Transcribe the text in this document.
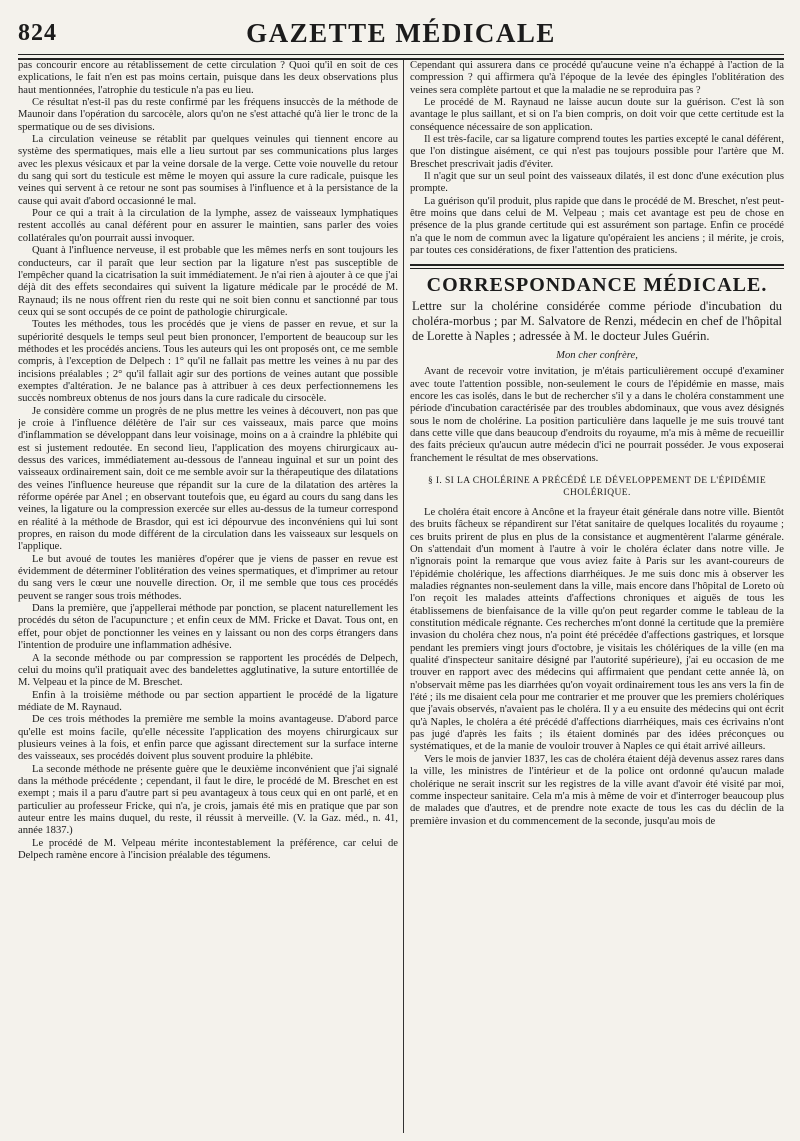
824	GAZETTE MÉDICALE

pas concourir encore au rétablissement de cette circulation ? Quoi qu'il en soit de ces explications, le fait n'en est pas moins certain, puisque dans les deux observations plus haut mentionnées, l'atrophie du testicule n'a pas eu lieu.

Ce résultat n'est-il pas du reste confirmé par les fréquens insuccès de la méthode de Maunoir dans l'opération du sarcocèle, alors qu'on ne s'est attaché qu'à lier le tronc de la spermatique ou de ses divisions.

La circulation veineuse se rétablit par quelques veinules qui tiennent encore au système des spermatiques, mais elle a lieu surtout par ses communications plus larges avec les plexus vésicaux et par la veine dorsale de la verge. Cette voie nouvelle du retour du sang qui sort du testicule est même le moyen qui assure la cure radicale, puisque les veines qui servent à ce retour ne sont pas soumises à l'influence et à la persistance de la cause qui avait d'abord occasionné le mal.

Pour ce qui a trait à la circulation de la lymphe, assez de vaisseaux lymphatiques restent accollés au canal déférent pour en assurer le maintien, sans parler des voies collatérales qu'on pourrait aussi invoquer.

Quant à l'influence nerveuse, il est probable que les mêmes nerfs en sont toujours les conducteurs, car il paraît que leur section par la ligature n'est pas susceptible de l'empêcher quand la cicatrisation la suit immédiatement. Je n'ai rien à ajouter à ce que j'ai déjà dit des effets secondaires qui suivent la ligature médicale par le procédé de M. Raynaud; ils ne nous offrent rien du reste qui ne soit bien connu et sanctionné par tous ceux qui se sont occupés de ce point de pathologie chirurgicale.

Toutes les méthodes, tous les procédés que je viens de passer en revue, et sur la supériorité desquels le temps seul peut bien prononcer, l'emportent de beaucoup sur les méthodes et les procédés anciens. Tous les auteurs qui les ont proposés ont, ce me semble compris, à l'exception de Delpech : 1° qu'il ne fallait pas mettre les veines à nu par des incisions préalables ; 2° qu'il fallait agir sur des portions de veines autant que possible exemptes d'altération. Je ne balance pas à attribuer à ces deux perfectionnemens les succès nombreux obtenus de nos jours dans la cure radicale du cirsocèle.

Je considère comme un progrès de ne plus mettre les veines à découvert, non pas que je croie à l'influence délétère de l'air sur ces vaisseaux, mais parce que moins d'inflammation se développant dans leur voisinage, moins on a à craindre la phlébite qui est si justement redoutée. En second lieu, l'application des moyens chirurgicaux au-dessus des varices, immédiatement au-dessous de l'anneau inguinal et sur un point des vaisseaux ordinairement sain, doit ce me semble avoir sur la thérapeutique des dilatations des veines l'influence heureuse que répandit sur la cure de la dilatation des artères la réforme opérée par Anel ; en observant toutefois que, eu égard au cours du sang dans les veines, la ligature ou la compression exercée sur elles au-dessus de la tumeur correspond en réalité à la méthode de Brasdor, qui est ici dépourvue des inconvéniens qui lui sont propres, en raison du mode différent de la circulation dans les vaisseaux sur lesquels on l'applique.

Le but avoué de toutes les manières d'opérer que je viens de passer en revue est évidemment de déterminer l'oblitération des veines spermatiques, et d'imprimer au retour du sang vers le cœur une nouvelle direction. Or, il me semble que tous ces procédés peuvent se ranger sous trois méthodes.

Dans la première, que j'appellerai méthode par ponction, se placent naturellement les procédés du séton de l'acupuncture ; et enfin ceux de MM. Fricke et Davat. Tous ont, en effet, pour objet de ponctionner les veines en y laissant ou non des corps étrangers dans l'intention de produire une inflammation adhésive.

A la seconde méthode ou par compression se rapportent les procédés de Delpech, celui du moins qu'il pratiquait avec des bandelettes agglutinative, la suture entortillée de M. Velpeau et la pince de M. Breschet.

Enfin à la troisième méthode ou par section appartient le procédé de la ligature médiate de M. Raynaud.

De ces trois méthodes la première me semble la moins avantageuse. D'abord parce qu'elle est moins facile, qu'elle nécessite l'application des moyens chirurgicaux sur plusieurs veines à la fois, et enfin parce que agissant directement sur la surface interne des vaisseaux, ses procédés doivent plus souvent produire la phlébite.

La seconde méthode ne présente guère que le deuxième inconvénient que j'ai signalé dans la méthode précédente ; cependant, il faut le dire, le procédé de M. Breschet en est exempt ; mais il a paru d'autre part si peu avantageux à tous ceux qui en ont parlé, et en particulier au professeur Fricke, qui n'a, je crois, jamais été mis en pratique que par son auteur entre les mains duquel, du reste, il réussit à merveille. (V. la Gaz. méd., n. 41, année 1837.)

Le procédé de M. Velpeau mérite incontestablement la préférence, car celui de Delpech ramène encore à l'incision préalable des tégumens.

Cependant qui assurera dans ce procédé qu'aucune veine n'a échappé à l'action de la compression ? qui affirmera qu'à l'époque de la levée des épingles l'oblitération des veines sera complète partout et que la maladie ne se reproduira pas ?

Le procédé de M. Raynaud ne laisse aucun doute sur la guérison. C'est là son avantage le plus saillant, et si on l'a bien compris, on doit voir que cette certitude est la conséquence nécessaire de son application.

Il est très-facile, car sa ligature comprend toutes les parties excepté le canal déférent, que l'on distingue aisément, ce qui n'est pas toujours possible pour l'artère que M. Breschet prescrivait jadis d'éviter.

Il n'agit que sur un seul point des vaisseaux dilatés, il est donc d'une exécution plus prompte.

La guérison qu'il produit, plus rapide que dans le procédé de M. Breschet, n'est peut-être moins que dans celui de M. Velpeau ; mais cet avantage est peu de chose en présence de la plus grande certitude qui est assurément son partage. Enfin ce procédé n'a que le nom de commun avec la ligature qu'opéraient les anciens ; il mérite, je crois, par toutes ces considérations, de fixer l'attention des praticiens.

CORRESPONDANCE MÉDICALE.

Lettre sur la cholérine considérée comme période d'incubation du choléra-morbus ; par M. Salvatore de Renzi, médecin en chef de l'hôpital de Lorette à Naples ; adressée à M. le docteur Jules Guérin.

Mon cher confrère,

Avant de recevoir votre invitation, je m'étais particulièrement occupé d'examiner avec toute l'attention possible, non-seulement le cours de l'épidémie en masse, mais encore les cas isolés, dans le but de rechercher s'il y a dans le choléra constamment une période d'incubation caractérisée par des troubles abdominaux, que vous avez désignés sous le nom de cholérine. La position particulière dans laquelle je me suis trouvé tant dans cette ville que dans beaucoup d'endroits du royaume, m'a mis à même de recueillir des faits précieux qu'aucun autre médecin d'ici ne pourrait posséder. Je vous exposerai franchement le résultat de mes observations.

§ I. SI LA CHOLÉRINE A PRÉCÉDÉ LE DÉVELOPPEMENT DE L'ÉPIDÉMIE CHOLÉRIQUE.

Le choléra était encore à Ancône et la frayeur était générale dans notre ville. Bientôt des bruits fâcheux se répandirent sur l'état sanitaire de quelques localités du royaume ; ces bruits prirent de plus en plus de la consistance et augmentèrent l'alarme générale. On s'attendait d'un moment à l'autre à voir le choléra éclater dans notre ville. Je n'ignorais point la remarque que vous aviez faite à Paris sur les avant-coureurs de l'épidémie cholérique, les affections diarrhéiques. Je me suis donc mis à observer les maladies régnantes non-seulement dans la ville, mais encore dans l'hôpital de Loreto où l'on reçoit les malades atteints d'affections chroniques et aiguës de tous les établissemens de bienfaisance de la ville qu'on peut regarder comme le tableau de la constitution médicale régnante. Ces recherches m'ont donné la certitude que la première invasion du choléra chez nous, n'a point été précédée d'affections gastriques, et lorsque pendant les premiers vingt jours d'octobre, je visitais les chólériques de la ville (en ma qualité d'inspecteur sanitaire désigné par l'autorité supérieure), j'ai eu occasion de me trouver en rapport avec des médecins qui affirmaient que pendant cette année là, on n'observait même pas les diarrhées qu'on voyait ordinairement tous les ans vers la fin de l'été ; ils me disaient cela pour me contrarier et me prouver que les premiers cholériques que j'avais observés, n'avaient pas le choléra. Il y a eu ensuite des médecins qui ont écrit qu'à Naples, le choléra a été précédé d'affections diarrhéiques, mais ces écrivains n'ont pas jugé d'après les faits ; ils étaient dominés par des idées préconçues ou systématiques, et de la manie de vouloir trouver à Naples ce qui était arrivé ailleurs.

Vers le mois de janvier 1837, les cas de choléra étaient déjà devenus assez rares dans la ville, les ministres de l'intérieur et de la police ont ordonné qu'aucun malade cholérique ne serait inscrit sur les registres de la ville avant d'avoir été visité par moi, comme inspecteur sanitaire. Cela m'a mis à même de voir et d'interroger beaucoup plus de malades que d'autres, et de prendre note exacte de tous les cas du déclin de la première invasion et du commencement de la seconde, jusqu'au mois de
